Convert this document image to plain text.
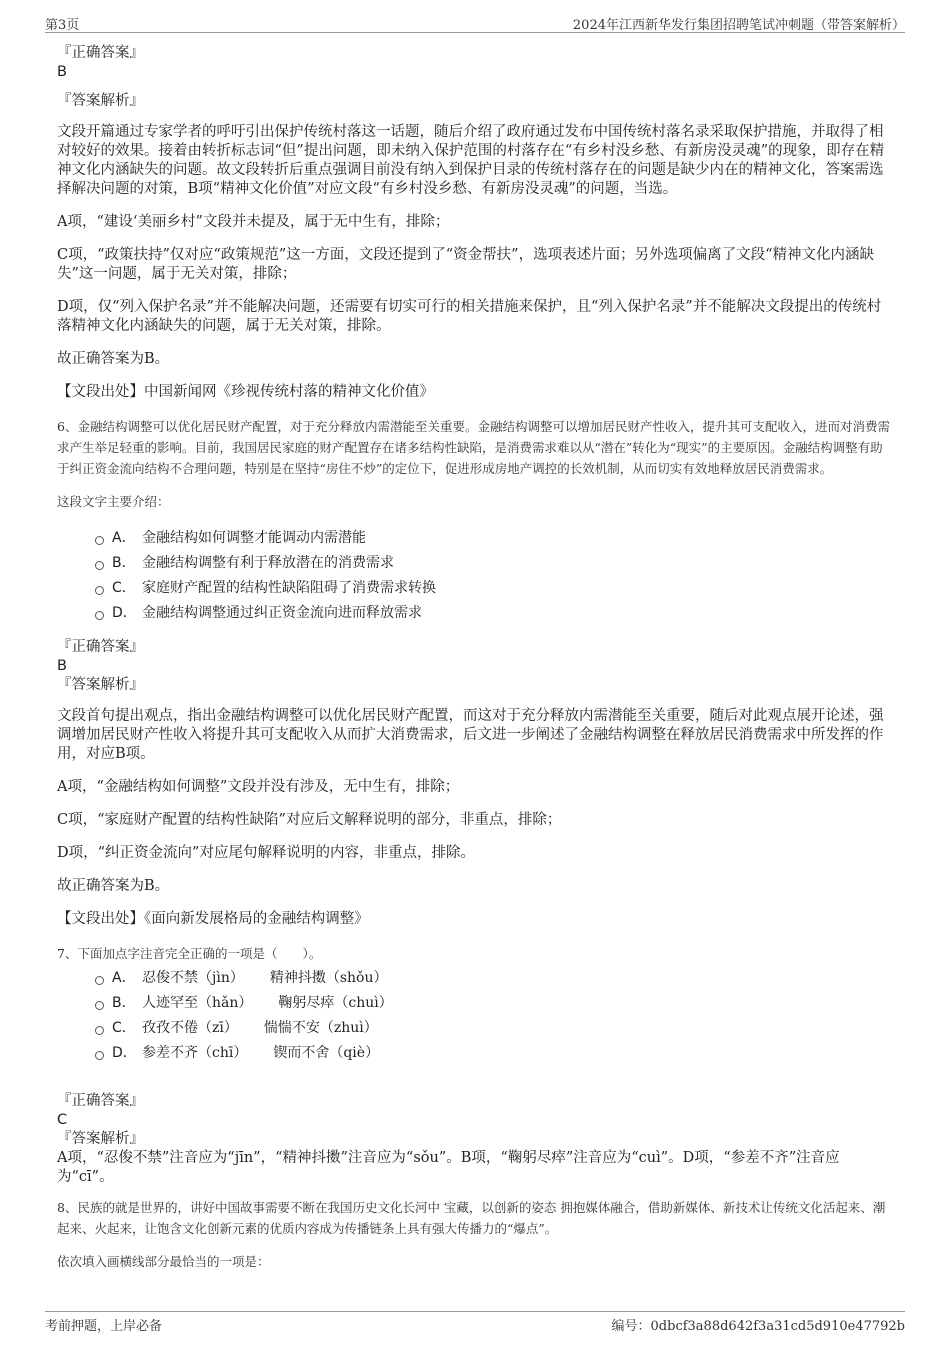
第3页	2024年江西新华发行集团招聘笔试冲刺题（带答案解析）

『正确答案』

B

『答案解析』

文段开篇通过专家学者的呼吁引出保护传统村落这一话题，随后介绍了政府通过发布中国传统村落名录采取保护措施，并取得了相对较好的效果。接着由转折标志词“但”提出问题，即未纳入保护范围的村落存在“有乡村没乡愁、有新房没灵魂”的现象，即存在精神文化内涵缺失的问题。故文段转折后重点强调目前没有纳入到保护目录的传统村落存在的问题是缺少内在的精神文化，答案需选择解决问题的对策，B项“精神文化价值”对应文段“有乡村没乡愁、有新房没灵魂”的问题，当选。

A项，“建设‘美丽乡村”文段并未提及，属于无中生有，排除；

C项，“政策扶持”仅对应“政策规范”这一方面，文段还提到了“资金帮扶”，选项表述片面；另外选项偏离了文段“精神文化内涵缺失”这一问题，属于无关对策，排除；

D项，仅“列入保护名录”并不能解决问题，还需要有切实可行的相关措施来保护，且“列入保护名录”并不能解决文段提出的传统村落精神文化内涵缺失的问题，属于无关对策，排除。

故正确答案为B。

【文段出处】中国新闻网《珍视传统村落的精神文化价值》

6、金融结构调整可以优化居民财产配置，对于充分释放内需潜能至关重要。金融结构调整可以增加居民财产性收入，提升其可支配收入，进而对消费需求产生举足轻重的影响。目前，我国居民家庭的财产配置存在诸多结构性缺陷，是消费需求难以从“潜在”转化为“现实”的主要原因。金融结构调整有助于纠正资金流向结构不合理问题，特别是在坚持“房住不炒”的定位下，促进形成房地产调控的长效机制，从而切实有效地释放居民消费需求。

这段文字主要介绍：

A． 金融结构如何调整才能调动内需潜能
B． 金融结构调整有利于释放潜在的消费需求
C． 家庭财产配置的结构性缺陷阻碍了消费需求转换
D． 金融结构调整通过纠正资金流向进而释放需求

『正确答案』

B

『答案解析』

文段首句提出观点，指出金融结构调整可以优化居民财产配置，而这对于充分释放内需潜能至关重要，随后对此观点展开论述，强调增加居民财产性收入将提升其可支配收入从而扩大消费需求，后文进一步阐述了金融结构调整在释放居民消费需求中所发挥的作用，对应B项。

A项，“金融结构如何调整”文段并没有涉及，无中生有，排除；

C项，“家庭财产配置的结构性缺陷”对应后文解释说明的部分，非重点，排除；

D项，“纠正资金流向”对应尾句解释说明的内容，非重点，排除。

故正确答案为B。

【文段出处】《面向新发展格局的金融结构调整》

7、下面加点字注音完全正确的一项是（　　）。

A． 忍俊不禁（jìn） 精神抖擞（shǒu）
B． 人迹罕至（hǎn） 鞠躬尽瘁（chuì）
C． 孜孜不倦（zī） 惴惴不安（zhuì）
D． 参差不齐（chī） 锲而不舍（qiè）

『正确答案』

C

『答案解析』

A项，“忍俊不禁”注音应为“jīn”，“精神抖擞”注音应为“sǒu”。B项，“鞠躬尽瘁”注音应为“cuì”。D项，“参差不齐”注音应为“cī”。

8、民族的就是世界的，讲好中国故事需要不断在我国历史文化长河中 宝藏，以创新的姿态 拥抱媒体融合，借助新媒体、新技术让传统文化活起来、潮起来、火起来，让饱含文化创新元素的优质内容成为传播链条上具有强大传播力的“爆点”。

依次填入画横线部分最恰当的一项是：

考前押题，上岸必备	编号：0dbcf3a88d642f3a31cd5d910e47792b
